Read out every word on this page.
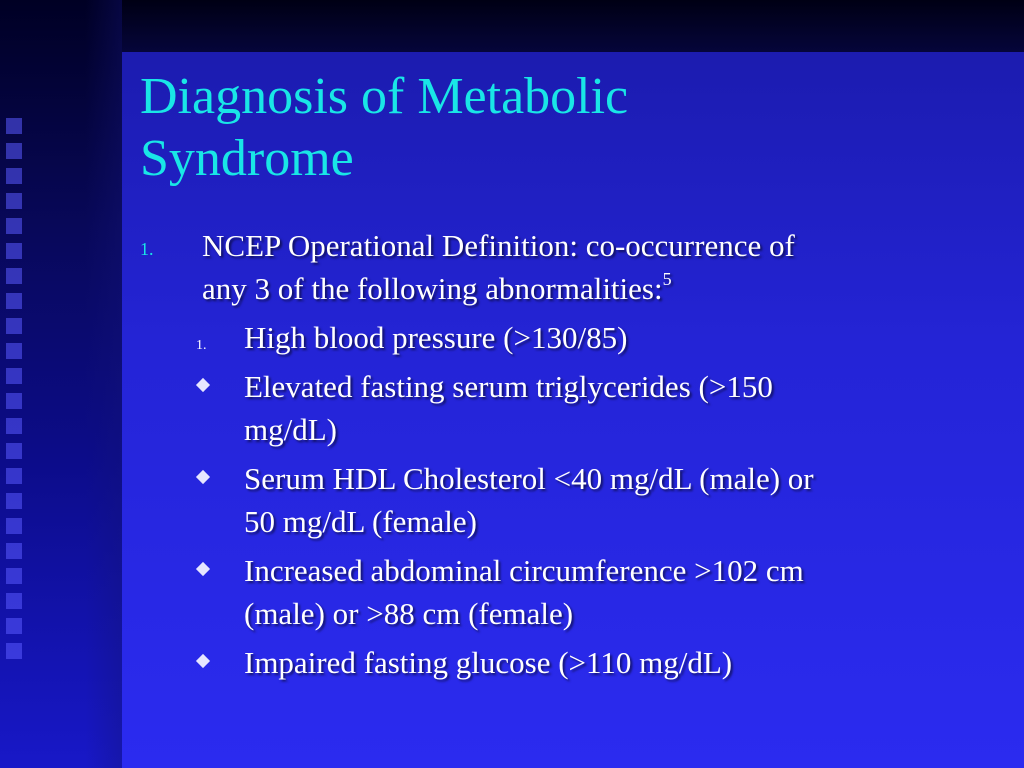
Diagnosis of Metabolic
Syndrome
1. NCEP Operational Definition: co-occurrence of
any 3 of the following abnormalities:$^5$
1. High blood pressure (>130/85)
Elevated fasting serum triglycerides (>150
mg/dL)
Serum HDL Cholesterol <40 mg/dL (male) or
50 mg/dL (female)
Increased abdominal circumference >102 cm
(male) or >88 cm (female)
Impaired fasting glucose (>110 mg/dL)
